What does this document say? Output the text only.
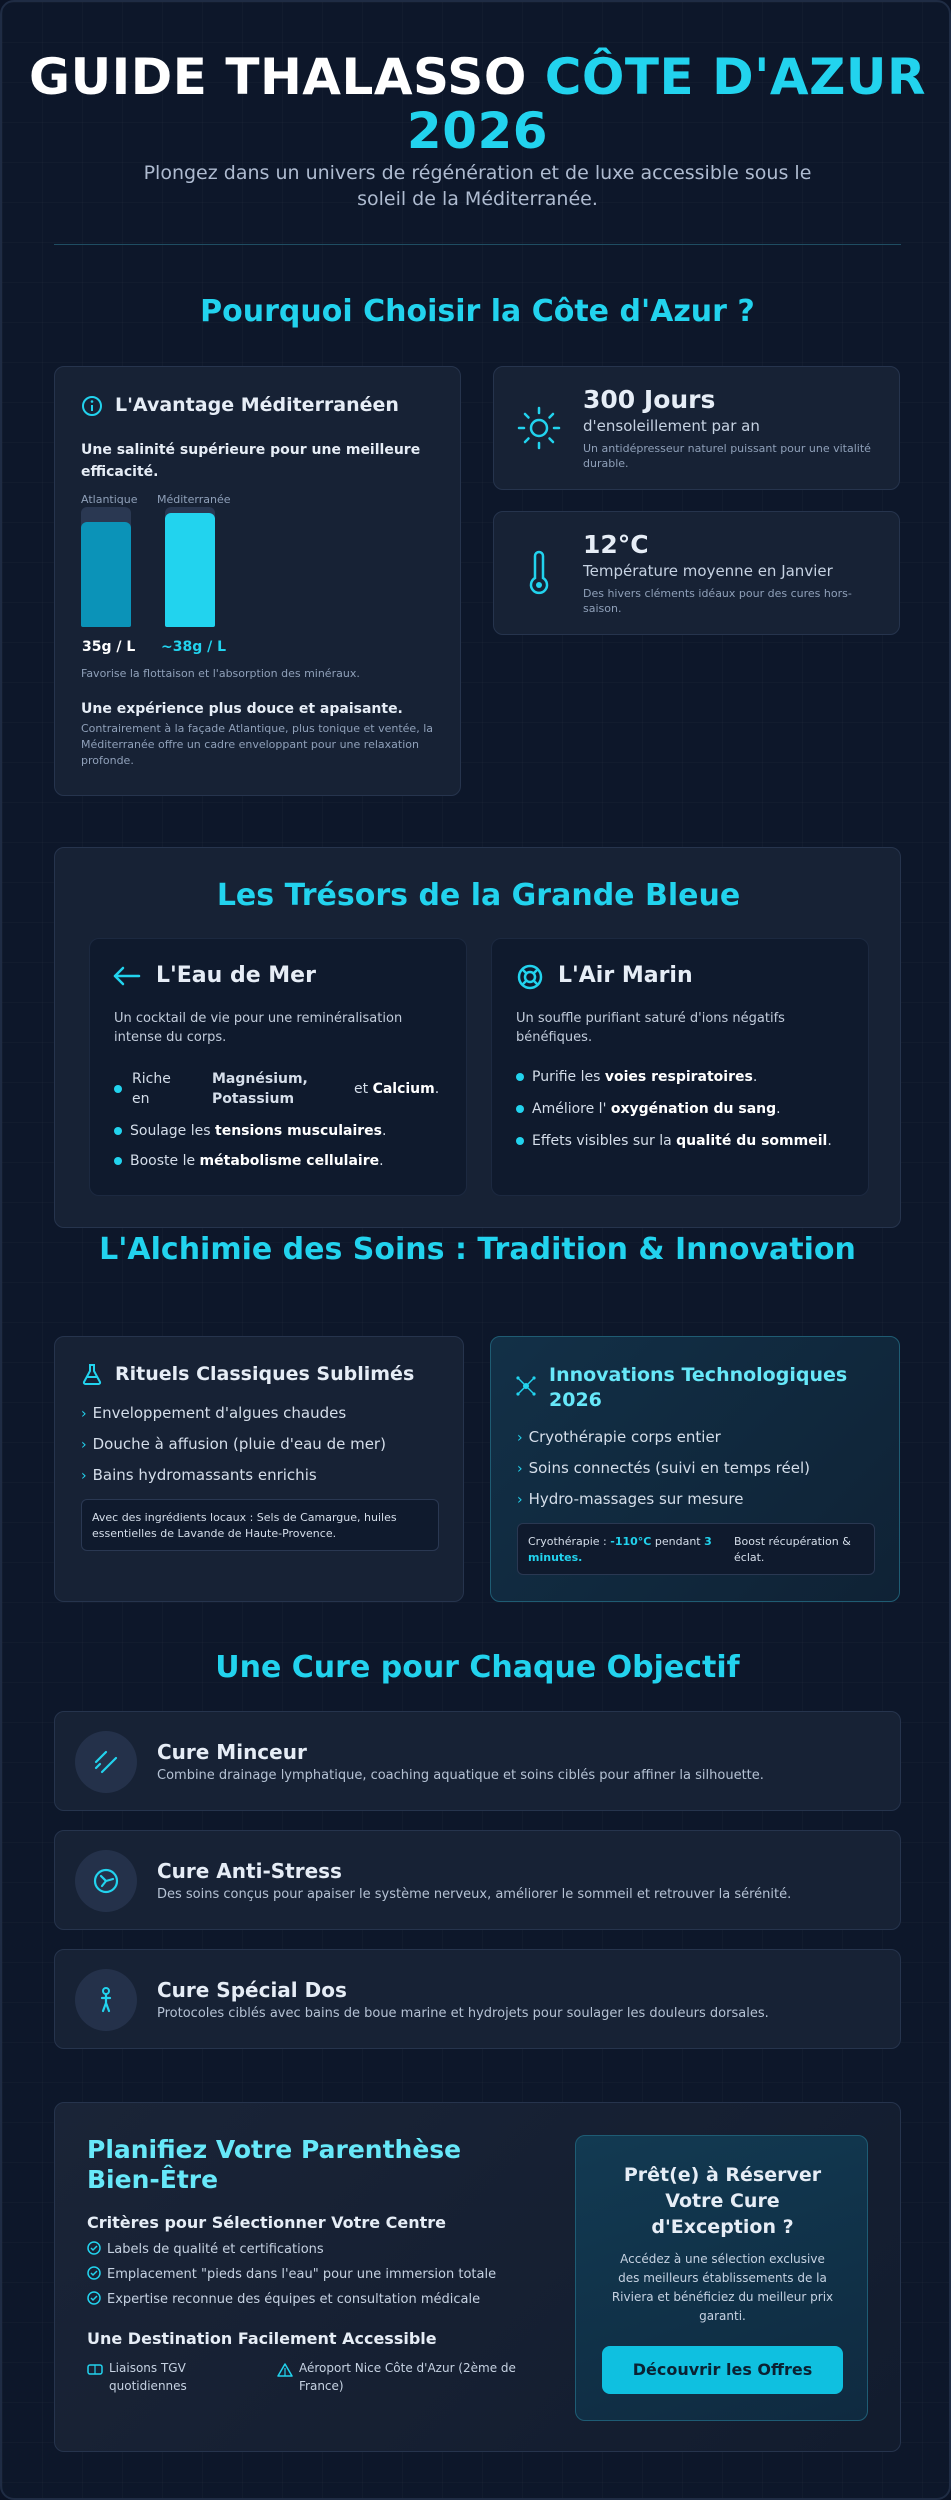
GUIDE THALASSO CÔTE D'AZUR
2026
Plongez dans un univers de régénération et de luxe accessible sous le
soleil de la Méditerranée.
Pourquoi Choisir la Côte d'Azur ?
L'Avantage Méditerranéen
Une salinité supérieure pour une meilleure
efficacité.
Atlantique Méditerranée
35g / L ~38g / L
Favorise la flottaison et l'absorption des minéraux.
Une expérience plus douce et apaisante.
Contrairement à la façade Atlantique, plus tonique et ventée, la
Méditerranée offre un cadre enveloppant pour une relaxation
profonde.
300 Jours
d'ensoleillement par an
Un antidépresseur naturel puissant pour une vitalité
durable.
12°C
Température moyenne en Janvier
Des hivers cléments idéaux pour des cures hors-
saison.
Les Trésors de la Grande Bleue
L'Eau de Mer
Un cocktail de vie pour une reminéralisation
intense du corps.
Riche
en
Magnésium,
Potassium
et Calcium.
Soulage les tensions musculaires.
Booste le métabolisme cellulaire.
L'Air Marin
Un souffle purifiant saturé d'ions négatifs
bénéfiques.
Purifie les voies respiratoires.
Améliore l' oxygénation du sang.
Effets visibles sur la qualité du sommeil.
L'Alchimie des Soins : Tradition & Innovation
Rituels Classiques Sublimés
› Enveloppement d'algues chaudes
› Douche à affusion (pluie d'eau de mer)
› Bains hydromassants enrichis
Avec des ingrédients locaux : Sels de Camargue, huiles
essentielles de Lavande de Haute-Provence.
Innovations Technologiques
2026
› Cryothérapie corps entier
› Soins connectés (suivi en temps réel)
› Hydro-massages sur mesure
Cryothérapie : -110°C pendant 3
minutes.
Boost récupération &
éclat.
Une Cure pour Chaque Objectif
Cure Minceur
Combine drainage lymphatique, coaching aquatique et soins ciblés pour affiner la silhouette.
Cure Anti-Stress
Des soins conçus pour apaiser le système nerveux, améliorer le sommeil et retrouver la sérénité.
Cure Spécial Dos
Protocoles ciblés avec bains de boue marine et hydrojets pour soulager les douleurs dorsales.
Planifiez Votre Parenthèse
Bien-Être
Critères pour Sélectionner Votre Centre
Labels de qualité et certifications
Emplacement "pieds dans l'eau" pour une immersion totale
Expertise reconnue des équipes et consultation médicale
Une Destination Facilement Accessible
Liaisons TGV
quotidiennes
Aéroport Nice Côte d'Azur (2ème de
France)
Prêt(e) à Réserver
Votre Cure
d'Exception ?
Accédez à une sélection exclusive
des meilleurs établissements de la
Riviera et bénéficiez du meilleur prix
garanti.
Découvrir les Offres
